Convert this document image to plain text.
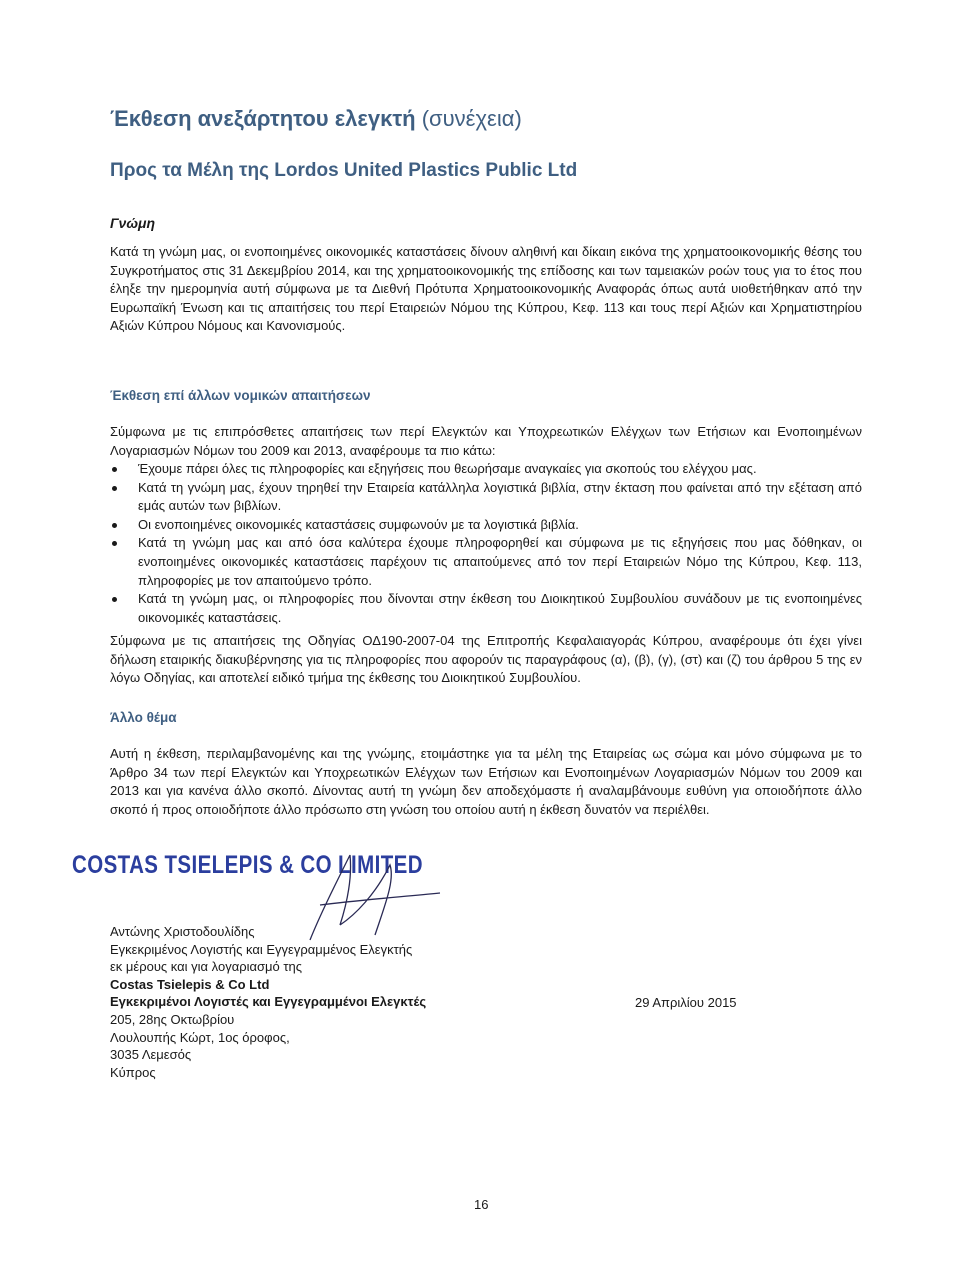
Έκθεση ανεξάρτητου ελεγκτή (συνέχεια)
Προς τα Μέλη της Lordos United Plastics Public Ltd
Γνώμη

Κατά τη γνώμη μας, οι ενοποιημένες οικονομικές καταστάσεις δίνουν αληθινή και δίκαιη εικόνα της χρηματοοικονομικής θέσης του Συγκροτήματος στις 31 Δεκεμβρίου 2014, και της χρηματοοικονομικής της επίδοσης και των ταμειακών ροών τους για το έτος που έληξε την ημερομηνία αυτή σύμφωνα με τα Διεθνή Πρότυπα Χρηματοοικονομικής Αναφοράς όπως αυτά υιοθετήθηκαν από την Ευρωπαϊκή Ένωση και τις απαιτήσεις του περί Εταιρειών Νόμου της Κύπρου, Κεφ. 113 και τους περί Αξιών και Χρηματιστηρίου Αξιών Κύπρου Νόμους και Κανονισμούς.

Έκθεση επί άλλων νομικών απαιτήσεων

Σύμφωνα με τις επιπρόσθετες απαιτήσεις των περί Ελεγκτών και Υποχρεωτικών Ελέγχων των Ετήσιων και Ενοποιημένων Λογαριασμών Νόμων του 2009 και 2013, αναφέρουμε τα πιο κάτω:

Έχουμε πάρει όλες τις πληροφορίες και εξηγήσεις που θεωρήσαμε αναγκαίες για σκοπούς του ελέγχου μας.
Κατά τη γνώμη μας, έχουν τηρηθεί την Εταιρεία κατάλληλα λογιστικά βιβλία, στην έκταση που φαίνεται από την εξέταση από εμάς αυτών των βιβλίων.
Οι ενοποιημένες οικονομικές καταστάσεις συμφωνούν με τα λογιστικά βιβλία.
Κατά τη γνώμη μας και από όσα καλύτερα έχουμε πληροφορηθεί και σύμφωνα με τις εξηγήσεις που μας δόθηκαν, οι ενοποιημένες οικονομικές καταστάσεις παρέχουν τις απαιτούμενες από τον περί Εταιρειών Νόμο της Κύπρου, Κεφ. 113, πληροφορίες με τον απαιτούμενο τρόπο.
Κατά τη γνώμη μας, οι πληροφορίες που δίνονται στην έκθεση του Διοικητικού Συμβουλίου συνάδουν με τις ενοποιημένες οικονομικές καταστάσεις.

Σύμφωνα με τις απαιτήσεις της Οδηγίας ΟΔ190-2007-04 της Επιτροπής Κεφαλαιαγοράς Κύπρου, αναφέρουμε ότι έχει γίνει δήλωση εταιρικής διακυβέρνησης για τις πληροφορίες που αφορούν τις παραγράφους (α), (β), (γ), (στ) και (ζ) του άρθρου 5 της εν λόγω Οδηγίας, και αποτελεί ειδικό τμήμα της έκθεσης του Διοικητικού Συμβουλίου.

Άλλο θέμα

Αυτή η έκθεση, περιλαμβανομένης και της γνώμης, ετοιμάστηκε για τα μέλη της Εταιρείας ως σώμα και μόνο σύμφωνα με το Άρθρο 34 των περί Ελεγκτών και Υποχρεωτικών Ελέγχων των Ετήσιων και Ενοποιημένων Λογαριασμών Νόμων του 2009 και 2013 και για κανένα άλλο σκοπό. Δίνοντας αυτή τη γνώμη δεν αποδεχόμαστε ή αναλαμβάνουμε ευθύνη για οποιοδήποτε άλλο σκοπό ή προς οποιοδήποτε άλλο πρόσωπο στη γνώση του οποίου αυτή η έκθεση δυνατόν να περιέλθει.

COSTAS TSIELEPIS & CO LIMITED

Αντώνης Χριστοδουλίδης
Εγκεκριμένος Λογιστής και Εγγεγραμμένος Ελεγκτής
εκ μέρους και για λογαριασμό της
Costas Tsielepis & Co Ltd
Εγκεκριμένοι Λογιστές και Εγγεγραμμένοι Ελεγκτές
205, 28ης Οκτωβρίου
Λουλουπής Κώρτ, 1ος όροφος,
3035 Λεμεσός
Κύπρος

29 Απριλίου 2015

16
